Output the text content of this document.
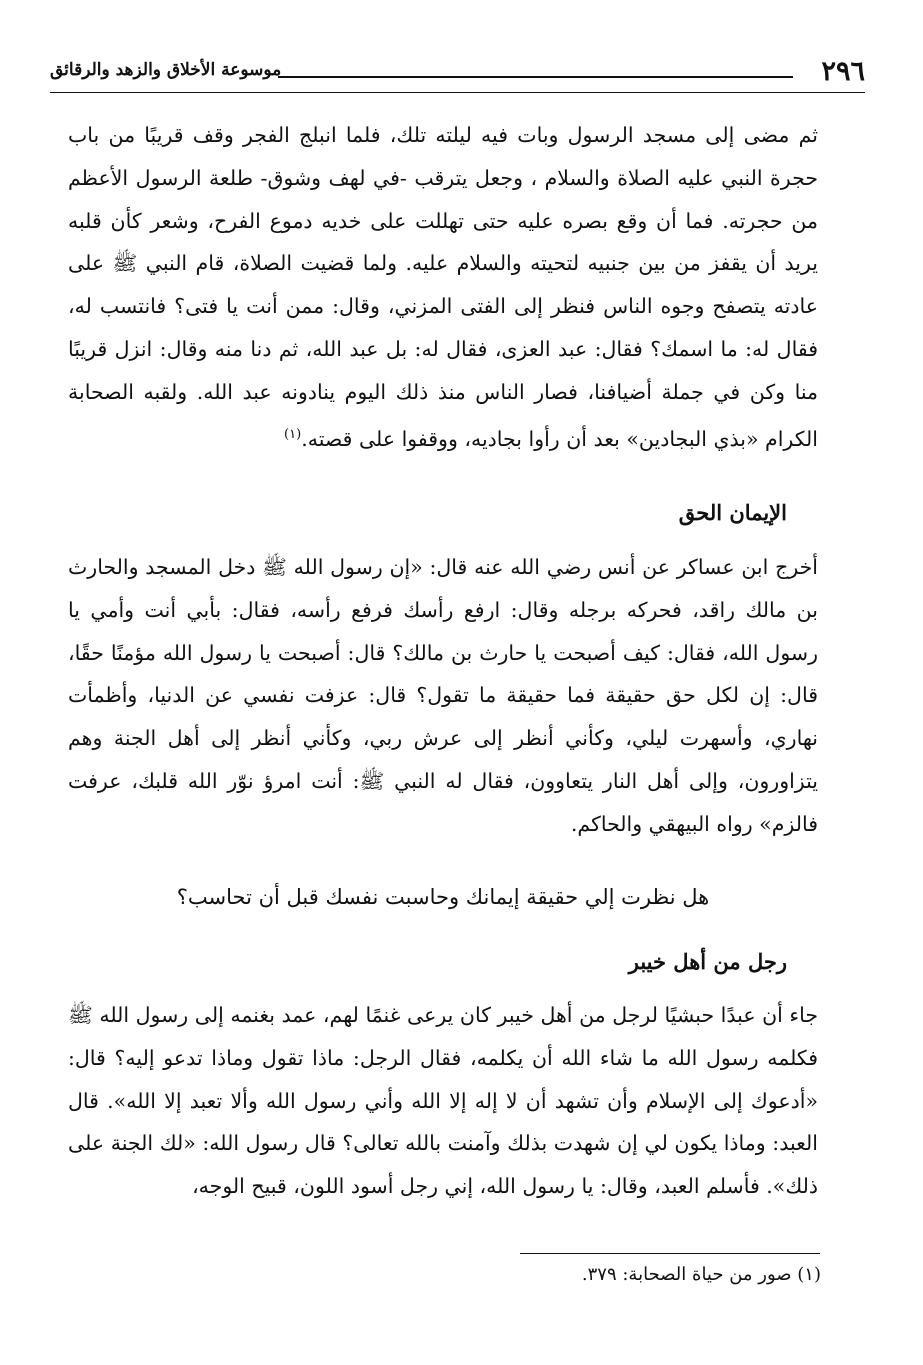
٢٩٦
موسوعة الأخلاق والزهد والرقائق

ثم مضى إلى مسجد الرسول وبات فيه ليلته تلك، فلما انبلج الفجر وقف قريبًا من باب حجرة النبي عليه الصلاة والسلام ، وجعل يترقب -في لهف وشوق- طلعة الرسول الأعظم من حجرته. فما أن وقع بصره عليه حتى تهللت على خديه دموع الفرح، وشعر كأن قلبه يريد أن يقفز من بين جنبيه لتحيته والسلام عليه. ولما قضيت الصلاة، قام النبي ﷺ على عادته يتصفح وجوه الناس فنظر إلى الفتى المزني، وقال: ممن أنت يا فتى؟ فانتسب له، فقال له: ما اسمك؟ فقال: عبد العزى، فقال له: بل عبد الله، ثم دنا منه وقال: انزل قريبًا منا وكن في جملة أضيافنا، فصار الناس منذ ذلك اليوم ينادونه عبد الله. ولقبه الصحابة الكرام «بذي البجادين» بعد أن رأوا بجاديه، ووقفوا على قصته.$^{(١)}$

الإيمان الحق

أخرج ابن عساكر عن أنس رضي الله عنه قال: «إن رسول الله ﷺ دخل المسجد والحارث بن مالك راقد، فحركه برجله وقال: ارفع رأسك فرفع رأسه، فقال: بأبي أنت وأمي يا رسول الله، فقال: كيف أصبحت يا حارث بن مالك؟ قال: أصبحت يا رسول الله مؤمنًا حقًا، قال: إن لكل حق حقيقة فما حقيقة ما تقول؟ قال: عزفت نفسي عن الدنيا، وأظمأت نهاري، وأسهرت ليلي، وكأني أنظر إلى عرش ربي، وكأني أنظر إلى أهل الجنة وهم يتزاورون، وإلى أهل النار يتعاوون، فقال له النبي ﷺ: أنت امرؤ نوّر الله قلبك، عرفت فالزم» رواه البيهقي والحاكم.

هل نظرت إلي حقيقة إيمانك وحاسبت نفسك قبل أن تحاسب؟
رجل من أهل خيبر

جاء أن عبدًا حبشيًا لرجل من أهل خيبر كان يرعى غنمًا لهم، عمد بغنمه إلى رسول الله ﷺ فكلمه رسول الله ما شاء الله أن يكلمه، فقال الرجل: ماذا تقول وماذا تدعو إليه؟ قال: «أدعوك إلى الإسلام وأن تشهد أن لا إله إلا الله وأني رسول الله وألا تعبد إلا الله». قال العبد: وماذا يكون لي إن شهدت بذلك وآمنت بالله تعالى؟ قال رسول الله: «لك الجنة على ذلك». فأسلم العبد، وقال: يا رسول الله، إني رجل أسود اللون، قبيح الوجه،

(١) صور من حياة الصحابة: ٣٧٩.
